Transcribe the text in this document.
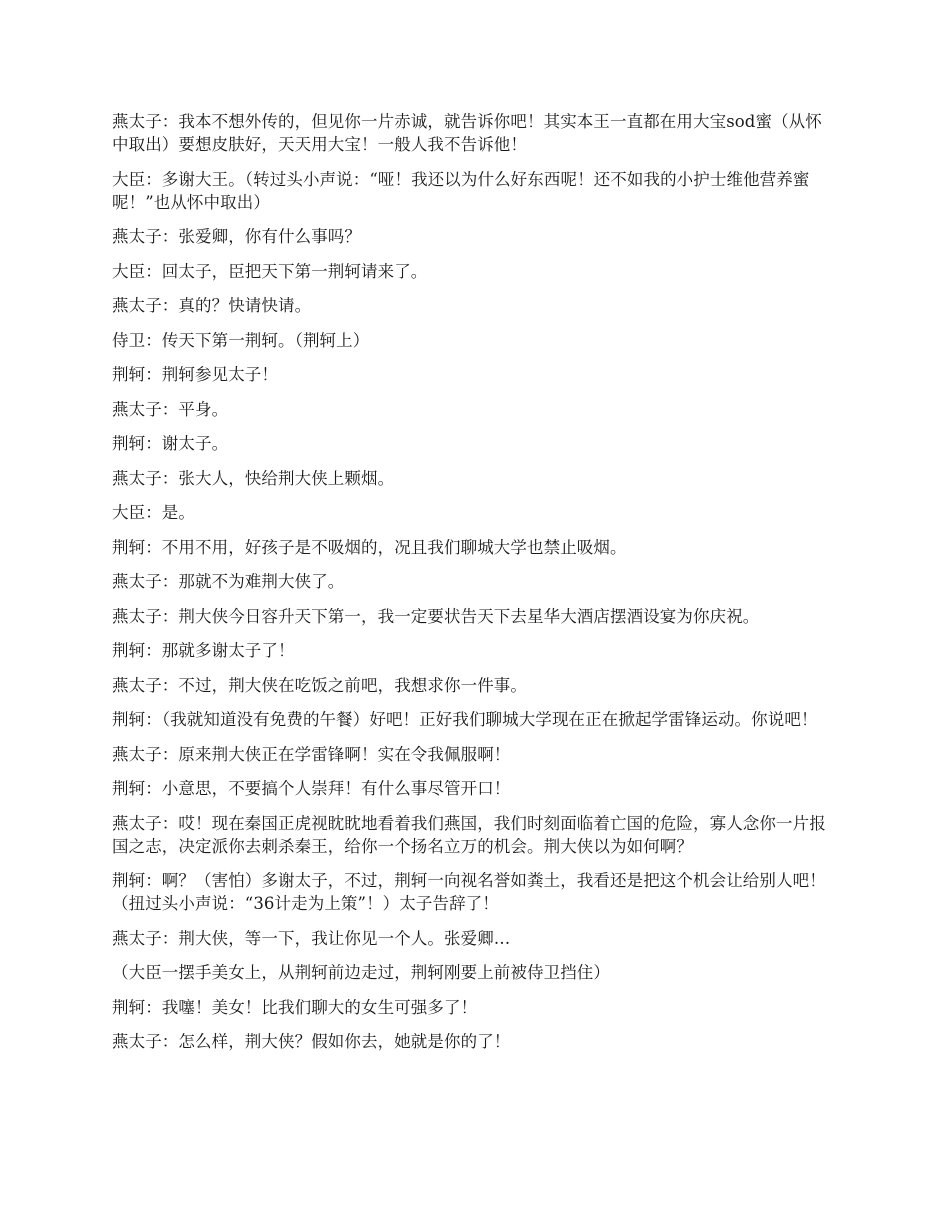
燕太子：我本不想外传的，但见你一片赤诚，就告诉你吧！其实本王一直都在用大宝sod蜜（从怀中取出）要想皮肤好，天天用大宝！一般人我不告诉他！

大臣：多谢大王。（转过头小声说：“哑！我还以为什么好东西呢！还不如我的小护士维他营养蜜呢！”也从怀中取出）

燕太子：张爱卿，你有什么事吗？

大臣：回太子，臣把天下第一荆轲请来了。

燕太子：真的？快请快请。

侍卫：传天下第一荆轲。（荆轲上）

荆轲：荆轲参见太子！

燕太子：平身。

荆轲：谢太子。

燕太子：张大人，快给荆大侠上颗烟。

大臣：是。

荆轲：不用不用，好孩子是不吸烟的，况且我们聊城大学也禁止吸烟。

燕太子：那就不为难荆大侠了。

燕太子：荆大侠今日容升天下第一，我一定要状告天下去星华大酒店摆酒设宴为你庆祝。

荆轲：那就多谢太子了！

燕太子：不过，荆大侠在吃饭之前吧，我想求你一件事。

荆轲：（我就知道没有免费的午餐）好吧！正好我们聊城大学现在正在掀起学雷锋运动。你说吧！

燕太子：原来荆大侠正在学雷锋啊！实在令我佩服啊！

荆轲：小意思，不要搞个人崇拜！有什么事尽管开口！

燕太子：哎！现在秦国正虎视眈眈地看着我们燕国，我们时刻面临着亡国的危险，寡人念你一片报国之志，决定派你去刺杀秦王，给你一个扬名立万的机会。荆大侠以为如何啊？

荆轲：啊？（害怕）多谢太子，不过，荆轲一向视名誉如粪土，我看还是把这个机会让给别人吧！（扭过头小声说：“36计走为上策”！）太子告辞了！

燕太子：荆大侠，等一下，我让你见一个人。张爱卿…

（大臣一摆手美女上，从荆轲前边走过，荆轲刚要上前被侍卫挡住）

荆轲：我噻！美女！比我们聊大的女生可强多了！

燕太子：怎么样，荆大侠？假如你去，她就是你的了！
